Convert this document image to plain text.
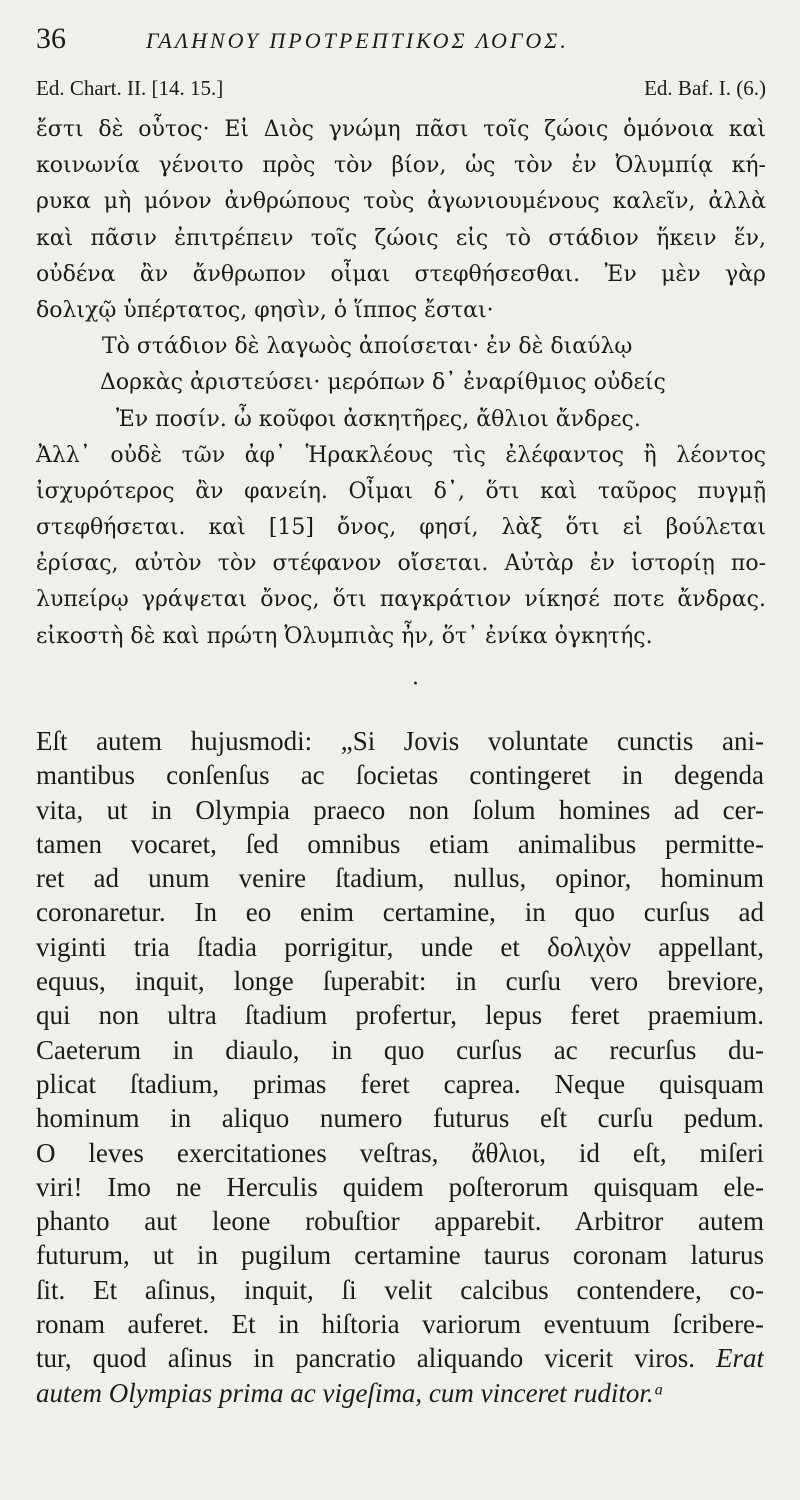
36	ΓΑΛΗΝΟΥ ΠΡΟΤΡΕΠΤΙΚΟΣ ΛΟΓΟΣ.
Ed. Chart. II. [14. 15.]	Ed. Baf. I. (6.)
ἔστι δὲ οὗτος· Εἰ Διὸς γνώμη πᾶσι τοῖς ζώοις ὁμόνοια καὶ
κοινωνία γένοιτο πρὸς τὸν βίον, ὡς τὸν ἐν Ὀλυμπίᾳ κή-
ρυκα μὴ μόνον ἀνθρώπους τοὺς ἀγωνιουμένους καλεῖν, ἀλλὰ
καὶ πᾶσιν ἐπιτρέπειν τοῖς ζώοις εἰς τὸ στάδιον ἥκειν ἕν,
οὐδένα ἂν ἄνθρωπον οἶμαι στεφθήσεσθαι. Ἐν μὲν γὰρ
δολιχῷ ὑπέρτατος, φησὶν, ὁ ἵππος ἔσται·
Τὸ στάδιον δὲ λαγωὸς ἀποίσεται· ἐν δὲ διαύλῳ
Δορκὰς ἀριστεύσει· μερόπων δ᾽ ἐναρίθμιος οὐδείς
Ἐν ποσίν. ὦ κοῦφοι ἀσκητῆρες, ἄθλιοι ἄνδρες.
Ἀλλ᾽ οὐδὲ τῶν ἀφ᾽ Ἡρακλέους τὶς ἐλέφαντος ἢ λέοντος
ἰσχυρότερος ἂν φανείη. Οἶμαι δ᾽, ὅτι καὶ ταῦρος πυγμῇ
στεφθήσεται. καὶ [15] ὄνος, φησί, λὰξ ὅτι εἰ βούλεται
ἐρίσας, αὐτὸν τὸν στέφανον οἴσεται. Αὐτὰρ ἐν ἱστορίῃ πο-
λυπείρῳ γράψεται ὄνος, ὅτι παγκράτιον νίκησέ ποτε ἄνδρας.
εἰκοστὴ δὲ καὶ πρώτη Ὀλυμπιὰς ἦν, ὅτ᾽ ἐνίκα ὀγκητής.
·
Eſt autem hujusmodi: „Si Jovis voluntate cunctis ani-
mantibus conſenſus ac ſocietas contingeret in degenda
vita, ut in Olympia praeco non ſolum homines ad cer-
tamen vocaret, ſed omnibus etiam animalibus permitte-
ret ad unum venire ſtadium, nullus, opinor, hominum
coronaretur. In eo enim certamine, in quo curſus ad
viginti tria ſtadia porrigitur, unde et δολιχὸν appellant,
equus, inquit, longe ſuperabit: in curſu vero breviore,
qui non ultra ſtadium profertur, lepus feret praemium.
Caeterum in diaulo, in quo curſus ac recurſus du-
plicat ſtadium, primas feret caprea. Neque quisquam
hominum in aliquo numero futurus eſt curſu pedum.
O leves exercitationes veſtras, ἄθλιοι, id eſt, miſeri
viri! Imo ne Herculis quidem poſterorum quisquam ele-
phanto aut leone robuſtior apparebit. Arbitror autem
futurum, ut in pugilum certamine taurus coronam laturus
ſit. Et aſinus, inquit, ſi velit calcibus contendere, co-
ronam auferet. Et in hiſtoria variorum eventuum ſcribere-
tur, quod aſinus in pancratio aliquando vicerit viros. Erat
autem Olympias prima ac vigeſima, cum vinceret ruditor.ᵃ
